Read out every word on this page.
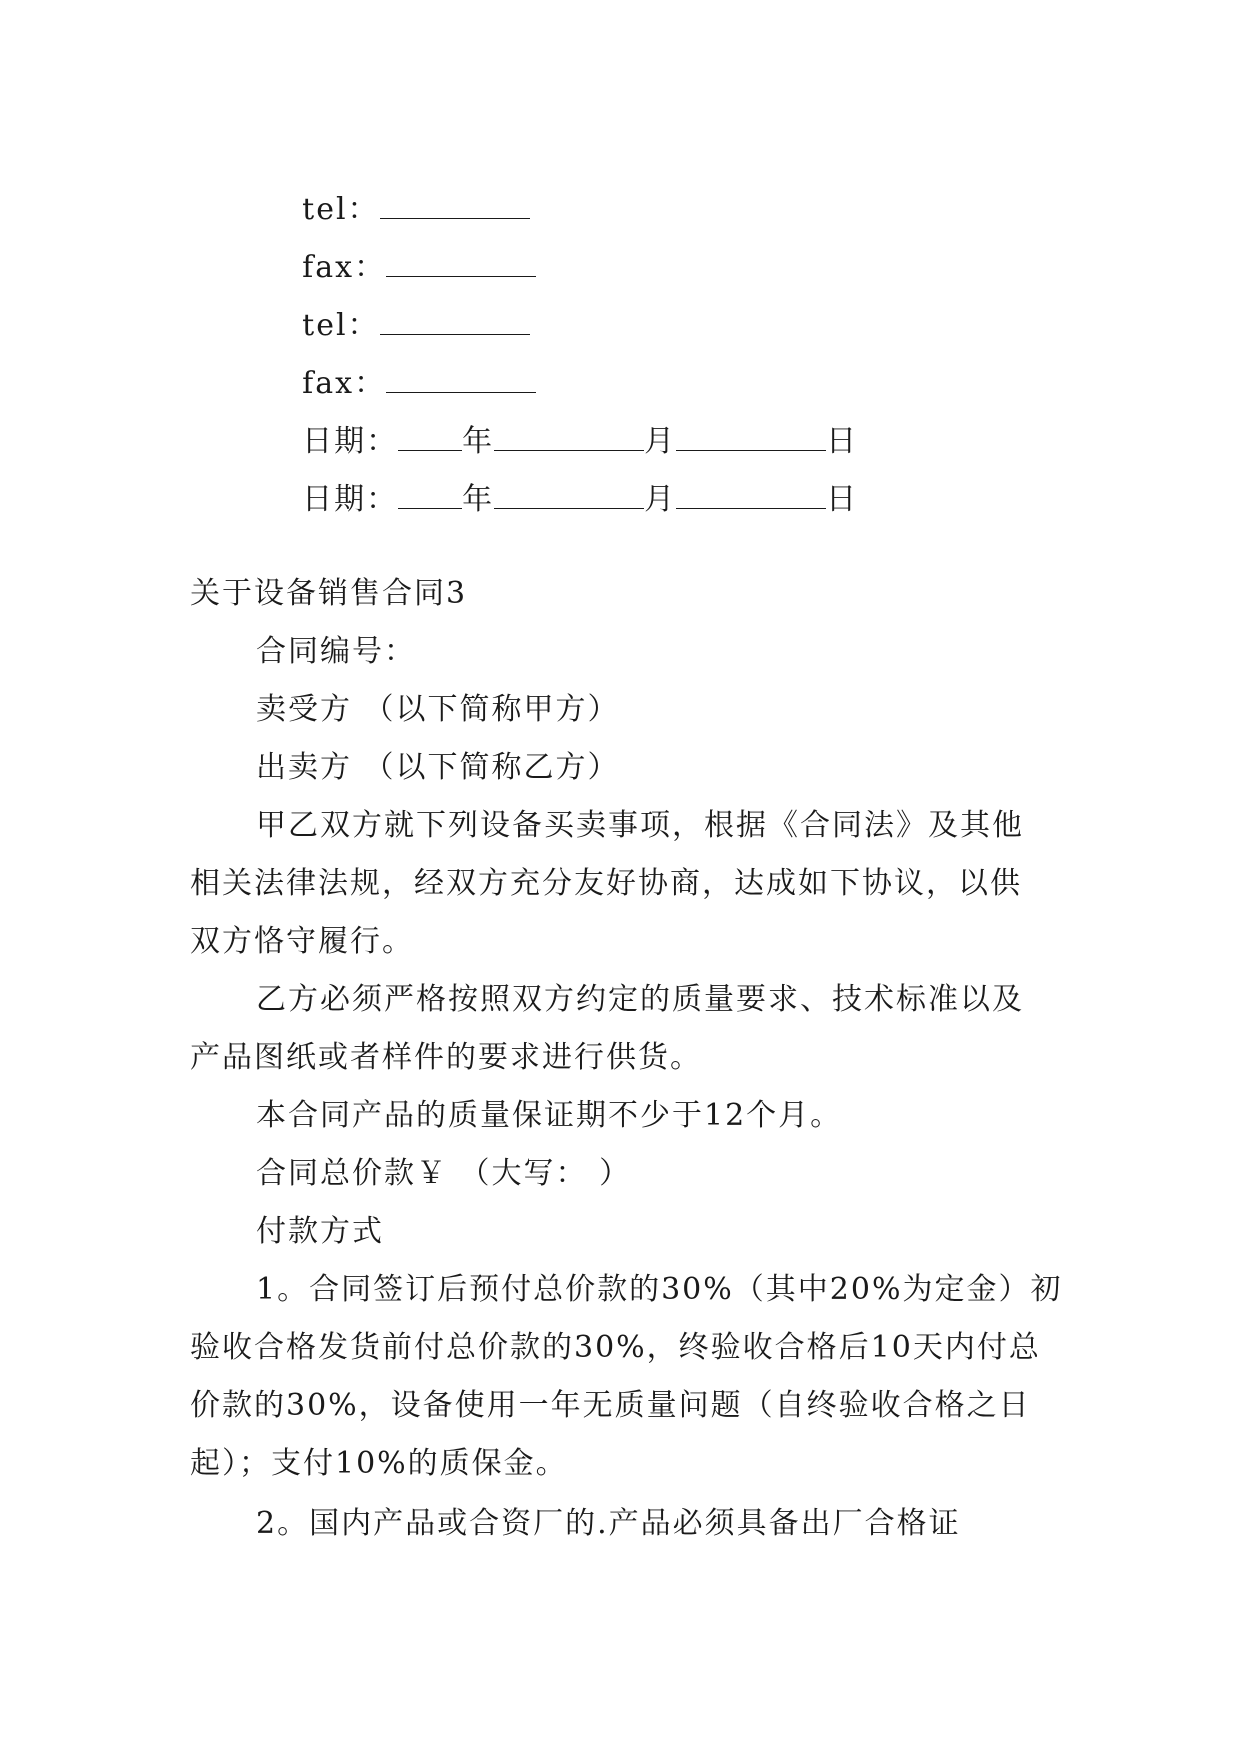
tel：

fax：

tel：

fax：

日期： 年	月	日

日期： 年	月	日

关于设备销售合同3
合同编号：
卖受方 （以下简称甲方）
出卖方 （以下简称乙方）
甲乙双方就下列设备买卖事项，根据《合同法》及其他
相关法律法规，经双方充分友好协商，达成如下协议，以供
双方恪守履行。
乙方必须严格按照双方约定的质量要求、技术标准以及
产品图纸或者样件的要求进行供货。
本合同产品的质量保证期不少于12个月。
合同总价款￥ （大写： ）
付款方式
1。合同签订后预付总价款的30%（其中20%为定金）初
验收合格发货前付总价款的30%，终验收合格后10天内付总
价款的30%，设备使用一年无质量问题（自终验收合格之日
起）；支付10%的质保金。
2。国内产品或合资厂的.产品必须具备出厂合格证
